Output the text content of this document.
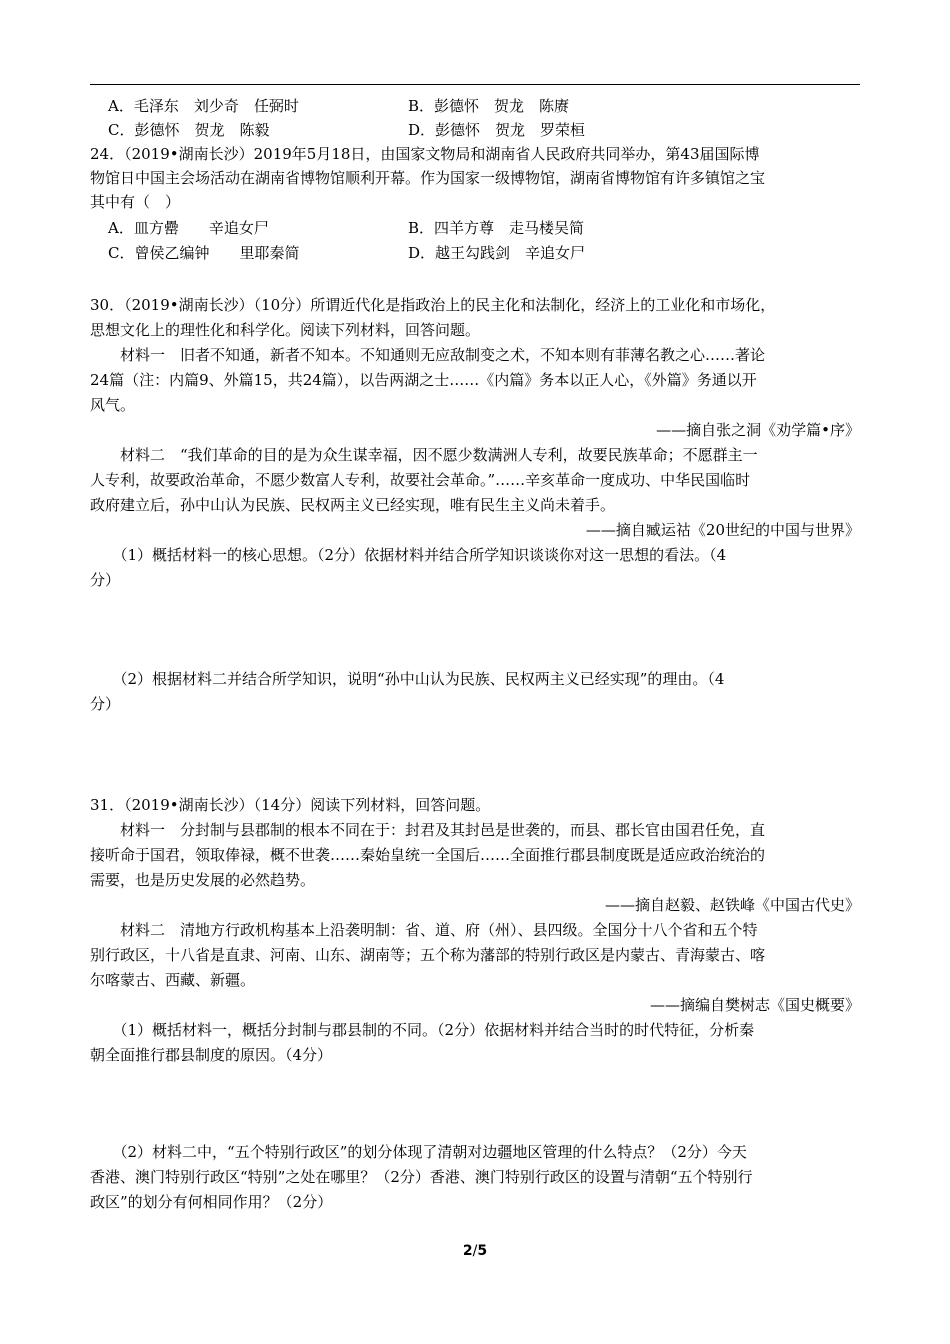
A．毛泽东　刘少奇　任弼时	B．彭德怀　贺龙　陈赓
C．彭德怀　贺龙　陈毅	D．彭德怀　贺龙　罗荣桓
24．（2019•湖南长沙）2019年5月18日，由国家文物局和湖南省人民政府共同举办，第43届国际博
物馆日中国主会场活动在湖南省博物馆顺利开幕。作为国家一级博物馆，湖南省博物馆有许多镇馆之宝
其中有（　）
A．皿方罍　　辛追女尸	B．四羊方尊　走马楼吴简
C．曾侯乙编钟　　里耶秦简	D．越王勾践剑　辛追女尸
30．（2019•湖南长沙）（10分）所谓近代化是指政治上的民主化和法制化，经济上的工业化和市场化，
思想文化上的理性化和科学化。阅读下列材料，回答问题。
　　材料一　旧者不知通，新者不知本。不知通则无应敌制变之术，不知本则有菲薄名教之心……著论
24篇（注：内篇9、外篇15，共24篇），以告两湖之士……《内篇》务本以正人心，《外篇》务通以开
风气。
——摘自张之洞《劝学篇•序》
　　材料二　“我们革命的目的是为众生谋幸福，因不愿少数满洲人专利，故要民族革命；不愿群主一
人专利，故要政治革命，不愿少数富人专利，故要社会革命。”……辛亥革命一度成功、中华民国临时
政府建立后，孙中山认为民族、民权两主义已经实现，唯有民生主义尚未着手。
——摘自臧运祜《20世纪的中国与世界》
　　（1）概括材料一的核心思想。（2分）依据材料并结合所学知识谈谈你对这一思想的看法。（4
分）
　　（2）根据材料二并结合所学知识，说明“孙中山认为民族、民权两主义已经实现”的理由。（4
分）
31．（2019•湖南长沙）（14分）阅读下列材料，回答问题。
　　材料一　分封制与县郡制的根本不同在于：封君及其封邑是世袭的，而县、郡长官由国君任免，直
接听命于国君，领取俸禄，概不世袭……秦始皇统一全国后……全面推行郡县制度既是适应政治统治的
需要，也是历史发展的必然趋势。
——摘自赵毅、赵铁峰《中国古代史》
　　材料二　清地方行政机构基本上沿袭明制：省、道、府（州）、县四级。全国分十八个省和五个特
别行政区，十八省是直隶、河南、山东、湖南等；五个称为藩部的特别行政区是内蒙古、青海蒙古、喀
尔喀蒙古、西藏、新疆。
——摘编自樊树志《国史概要》
　　（1）概括材料一，概括分封制与郡县制的不同。（2分）依据材料并结合当时的时代特征，分析秦
朝全面推行郡县制度的原因。（4分）
　　（2）材料二中，“五个特别行政区”的划分体现了清朝对边疆地区管理的什么特点？（2分）今天
香港、澳门特别行政区“特别”之处在哪里？（2分）香港、澳门特别行政区的设置与清朝“五个特别行
政区”的划分有何相同作用？（2分）
2/5
